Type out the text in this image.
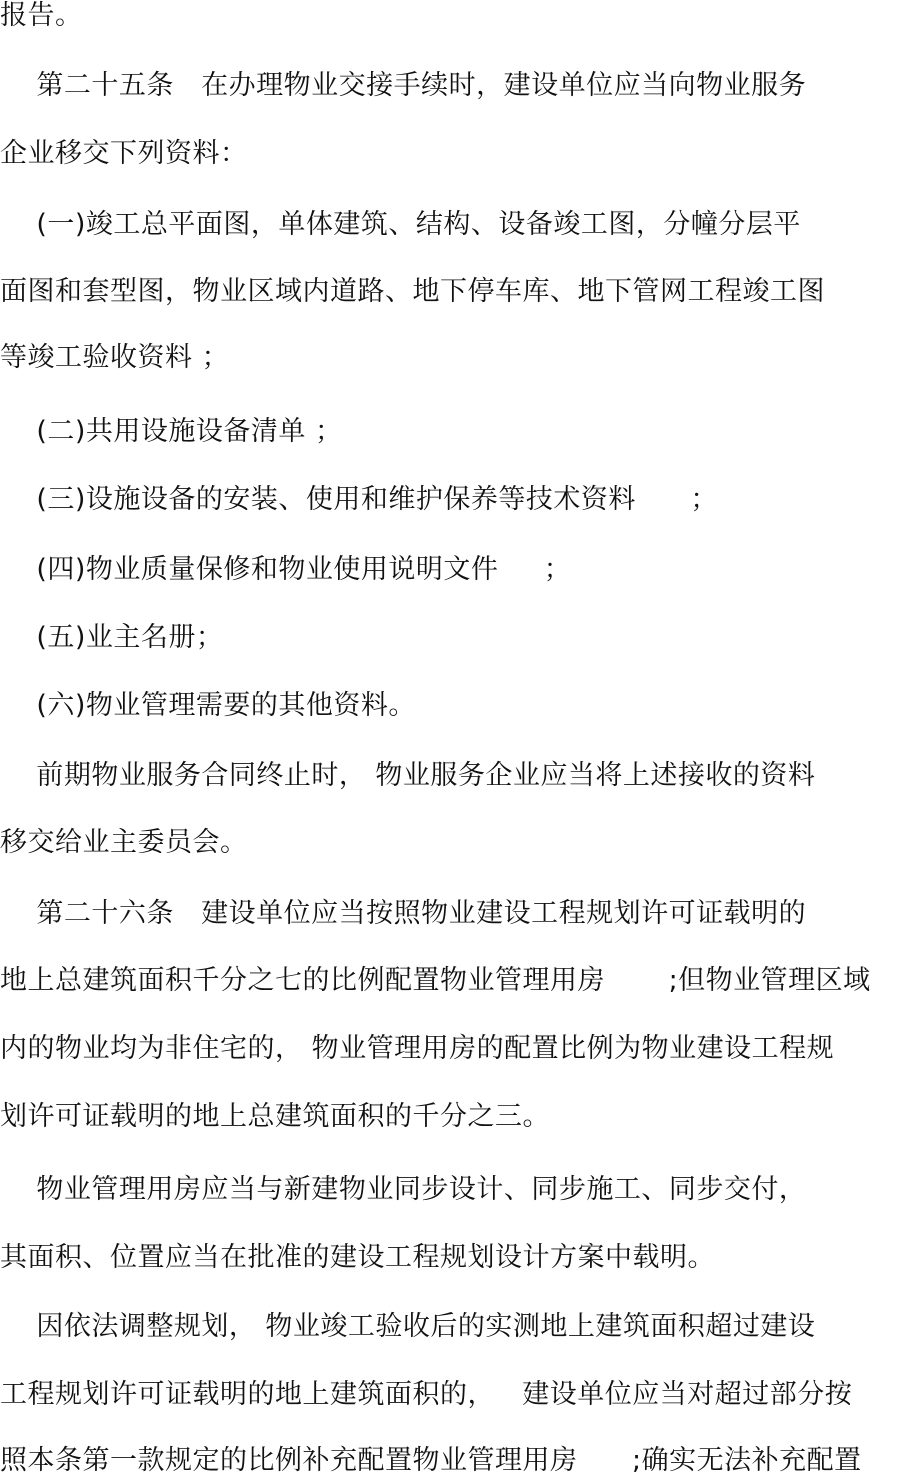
报告。
第二十五条   在办理物业交接手续时，建设单位应当向物业服务
企业移交下列资料：
(一)竣工总平面图，单体建筑、结构、设备竣工图，分幢分层平
面图和套型图，物业区域内道路、地下停车库、地下管网工程竣工图
等竣工验收资料 ；
(二)共用设施设备清单 ；
(三)设施设备的安装、使用和维护保养等技术资料      ；
(四)物业质量保修和物业使用说明文件     ；
(五)业主名册；
(六)物业管理需要的其他资料。
前期物业服务合同终止时， 物业服务企业应当将上述接收的资料
移交给业主委员会。
第二十六条   建设单位应当按照物业建设工程规划许可证载明的
地上总建筑面积千分之七的比例配置物业管理用房       ;但物业管理区域
内的物业均为非住宅的， 物业管理用房的配置比例为物业建设工程规
划许可证载明的地上总建筑面积的千分之三。
物业管理用房应当与新建物业同步设计、同步施工、同步交付，
其面积、位置应当在批准的建设工程规划设计方案中载明。
因依法调整规划， 物业竣工验收后的实测地上建筑面积超过建设
工程规划许可证载明的地上建筑面积的，   建设单位应当对超过部分按
照本条第一款规定的比例补充配置物业管理用房      ;确实无法补充配置
